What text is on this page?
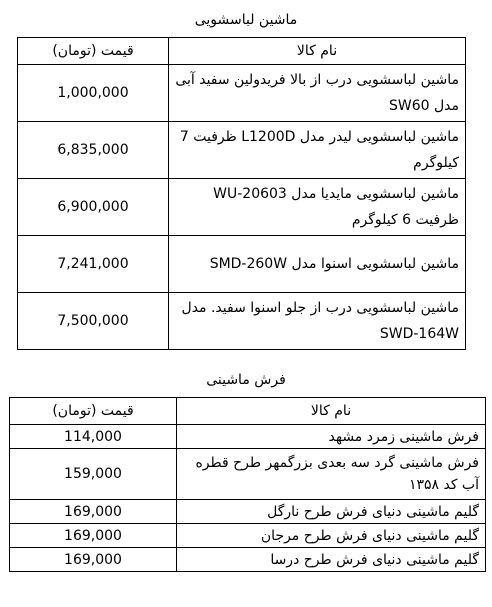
ماشین لباسشویی
نام کالا	قیمت (تومان)
ماشین لباسشویی درب از بالا فریدولین سفید آبی مدل SW60	1,000,000
ماشین لباسشویی لیدر مدل L1200D ظرفیت 7 کیلوگرم	6,835,000
ماشین لباسشویی مایدیا مدل WU-20603 ظرفیت 6 کیلوگرم	6,900,000
ماشین لباسشویی اسنوا مدل SMD-260W	7,241,000
ماشین لباسشویی درب از جلو اسنوا سفید. مدل SWD-164W	7,500,000
فرش ماشینی
نام کالا	قیمت (تومان)
فرش ماشینی زمرد مشهد	114,000
فرش ماشینی گرد سه بعدی بزرگمهر طرح قطره آب کد ۱۳۵۸	159,000
گلیم ماشینی دنیای فرش طرح نارگل	169,000
گلیم ماشینی دنیای فرش طرح مرجان	169,000
گلیم ماشینی دنیای فرش طرح درسا	169,000
